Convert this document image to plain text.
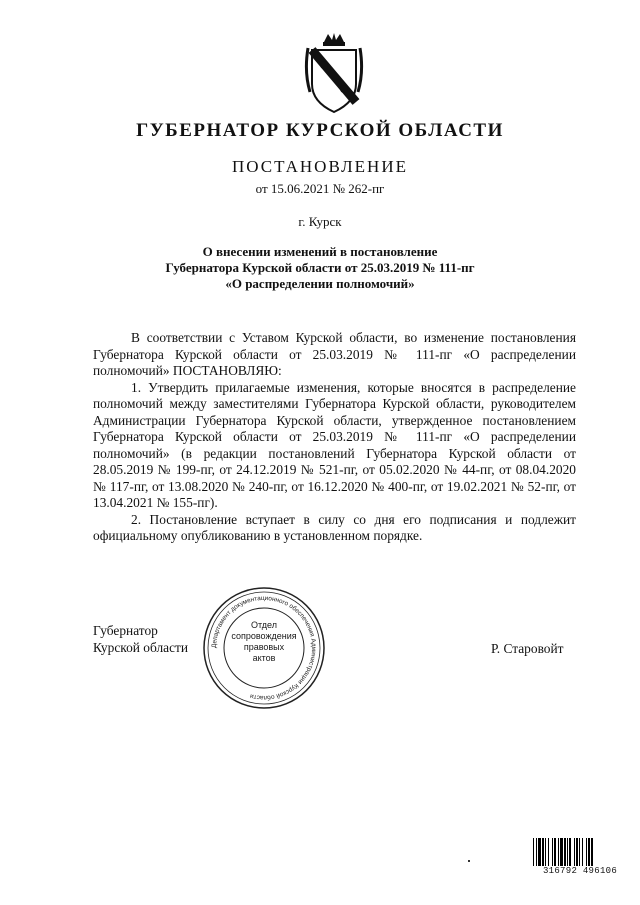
ГУБЕРНАТОР КУРСКОЙ ОБЛАСТИ
ПОСТАНОВЛЕНИЕ
от 15.06.2021 № 262-пг
г. Курск
О внесении изменений в постановление
Губернатора Курской области от 25.03.2019 № 111-пг
«О распределении полномочий»

В соответствии с Уставом Курской области, во изменение постановления Губернатора Курской области от 25.03.2019 № 111-пг «О распределении полномочий» ПОСТАНОВЛЯЮ:

1. Утвердить прилагаемые изменения, которые вносятся в распределение полномочий между заместителями Губернатора Курской области, руководителем Администрации Губернатора Курской области, утвержденное постановлением Губернатора Курской области от 25.03.2019 № 111-пг «О распределении полномочий» (в редакции постановлений Губернатора Курской области от 28.05.2019 № 199-пг, от 24.12.2019 № 521-пг, от 05.02.2020 № 44-пг, от 08.04.2020 № 117-пг, от 13.08.2020 № 240-пг, от 16.12.2020 № 400-пг, от 19.02.2021 № 52-пг, от 13.04.2021 № 155-пг).

2. Постановление вступает в силу со дня его подписания и подлежит официальному опубликованию в установленном порядке.

Губернатор
Курской области	Р. Старовойт
Департамент документационного обеспечения Администрации Курской области
Отдел
сопровождения
правовых
актов
316792 496106
